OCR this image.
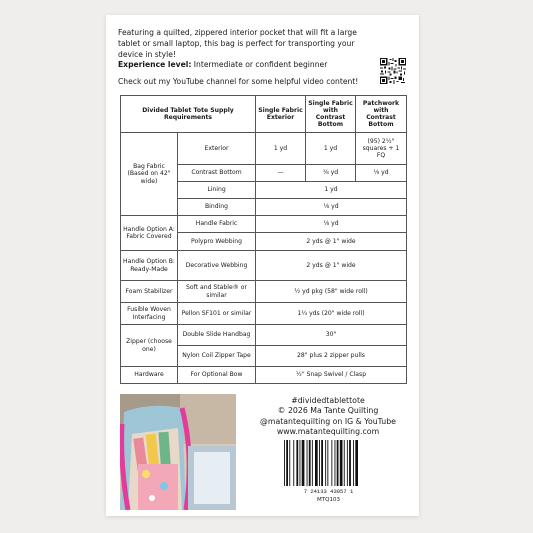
Featuring a quilted, zippered interior pocket that will fit a large tablet or small laptop, this bag is perfect for transporting your device in style!

Experience level: Intermediate or confident beginner

Check out my YouTube channel for some helpful video content!

Divided Tablet Tote Supply Requirements		Single Fabric Exterior	Single Fabric with Contrast Bottom	Patchwork with Contrast Bottom
Bag Fabric (Based on 42" wide)	Exterior	1 yd	1 yd	(95) 2½" squares + 1 FQ
	Contrast Bottom	—	⅛ yd	⅛ yd
	Lining	1 yd		
	Binding	⅛ yd		
Handle Option A: Fabric Covered	Handle Fabric	⅛ yd		
	Polypro Webbing	2 yds @ 1" wide		
Handle Option B: Ready-Made	Decorative Webbing	2 yds @ 1" wide		
Foam Stabilizer	Soft and Stable® or similar	½ yd pkg (58" wide roll)		
Fusible Woven Interfacing	Pellon SF101 or similar	1¼ yds (20" wide roll)		
Zipper (choose one)	Double Slide Handbag	30"		
	Nylon Coil Zipper Tape	28" plus 2 zipper pulls		
Hardware	For Optional Bow	½" Snap Swivel / Clasp		
#dividedtablettote
© 2026 Ma Tante Quilting
@matantequilting on IG & YouTube
www.matantequilting.com
7 24133 43057 1
MTQ103
